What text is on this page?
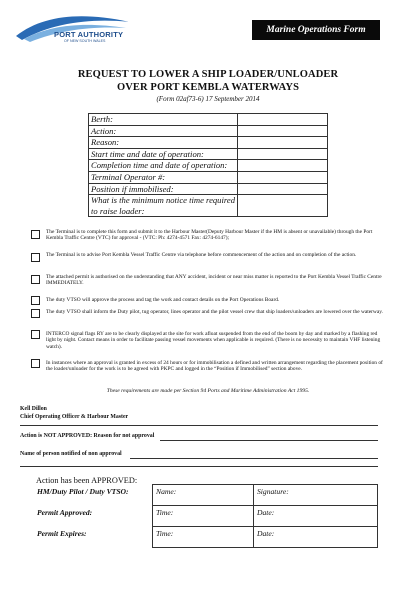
PORT AUTHORITY
OF NEW SOUTH WALES
Marine Operations Form
REQUEST TO LOWER A SHIP LOADER/UNLOADER
OVER PORT KEMBLA WATERWAYS
(Form 02af73-6) 17 September 2014
Berth:	
Action:	
Reason:	
Start time and date of operation:	
Completion time and date of operation:	
Terminal Operator #:	
Position if immobilised:	
What is the minimum notice time required to raise loader:	
The Terminal is to complete this form and submit it to the Harbour Master(Deputy Harbour Master if the HM is absent or unavailable) through the Port Kembla Traffic Centre (VTC) for approval - (VTC: Ph: 4274-4571 Fax: 4274-6147);
The Terminal is to advise Port Kembla Vessel Traffic Centre via telephone before commencement of the action and on completion of the action.
The attached permit is authorised on the understanding that ANY accident, incident or near miss matter is reported to the Port Kembla Vessel Traffic Centre IMMEDIATELY.
The duty VTSO will approve the process and tag the work and contact details on the Port Operations Board.
The duty VTSO shall inform the Duty pilot, tug operator, lines operator and the pilot vessel crew that ship loaders/unloaders are lowered over the waterway.
INTERCO signal flags RY are to be clearly displayed at the site for work afloat suspended from the end of the boom by day and marked by a flashing red light by night. Contact means in order to facilitate passing vessel movements when applicable is required. (There is no necessity to maintain VHF listening watch).
In instances where an approval is granted in excess of 24 hours or for immobilisation a defined and written arrangement regarding the placement position of the loader/unloader for the work is to be agreed with PKPC and logged in the “Position if Immobilised” section above.
These requirements are made per Section 94 Ports and Maritime Administration Act 1995.
Kell Dillon
Chief Operating Officer & Harbour Master
Action is NOT APPROVED: Reason for not approval
Name of person notified of non approval
Action has been APPROVED:
HM/Duty Pilot / Duty VTSO:	Name:	Signature:
Permit Approved:	Time:	Date:
Permit Expires:	Time:	Date:
